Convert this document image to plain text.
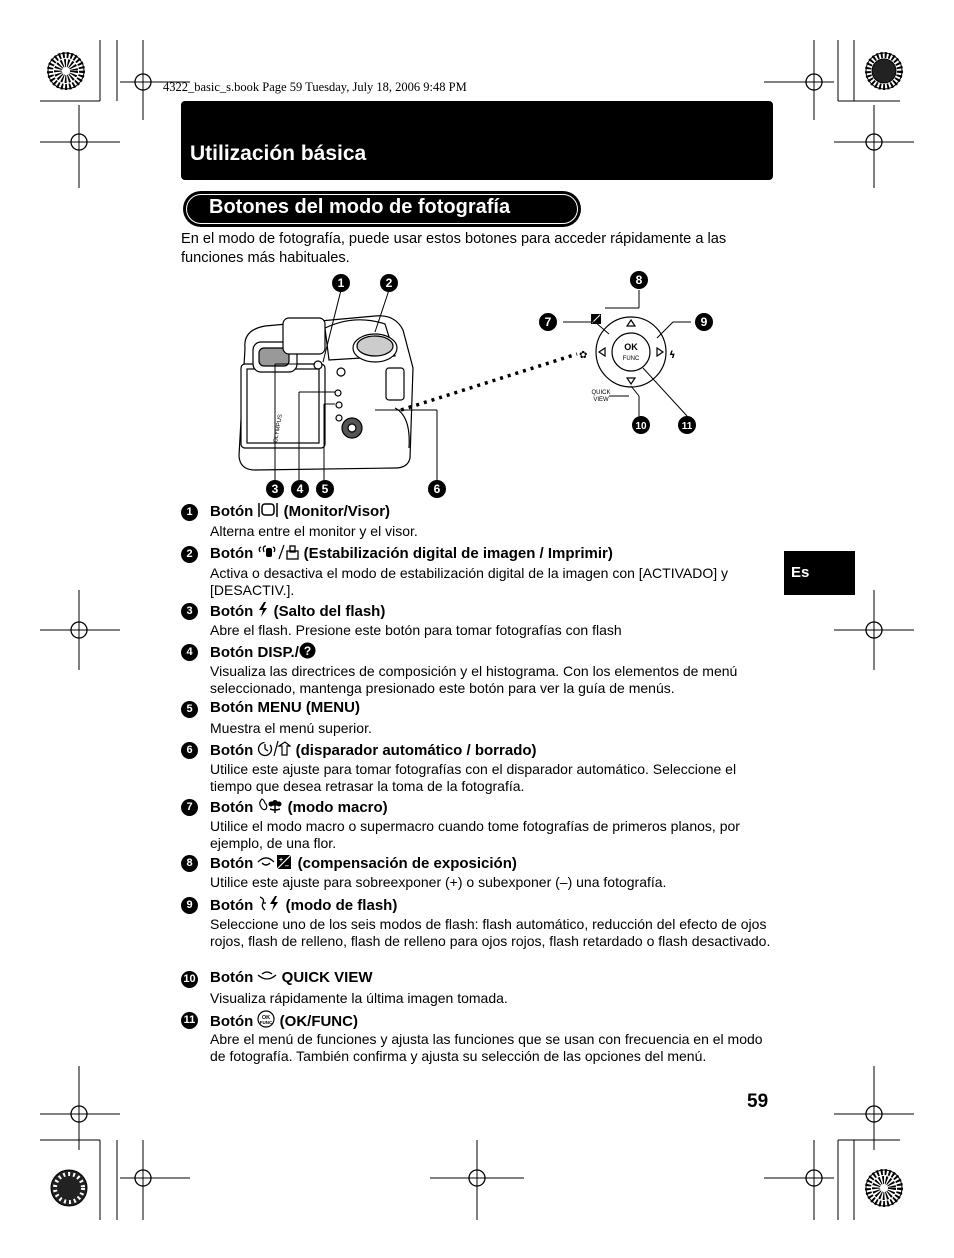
4322_basic_s.book Page 59 Tuesday, July 18, 2006 9:48 PM
Utilización básica
Botones del modo de fotografía
En el modo de fotografía, puede usar estos botones para acceder rápidamente a las funciones más habituales.
OLYMPUS
OK
FUNC
✿	ϟ
QUICK
VIEW
1	2
3 4 5	6
7
8
9
10	11
1	Botón  (Monitor/Visor)
Alterna entre el monitor y el visor.
2	Botón	(Estabilización digital de imagen / Imprimir)
Activa o desactiva el modo de estabilización digital de la imagen con [ACTIVADO] y [DESACTIV.].
3	Botón  (Salto del flash)
Abre el flash. Presione este botón para tomar fotografías con flash
4	Botón DISP./ ?
Visualiza las directrices de composición y el histograma. Con los elementos de menú seleccionado, mantenga presionado este botón para ver la guía de menús.
5	Botón MENU (MENU)
Muestra el menú superior.
6	Botón  (disparador automático / borrado)
Utilice este ajuste para tomar fotografías con el disparador automático. Seleccione el tiempo que desea retrasar la toma de la fotografía.
7	Botón  (modo macro)
Utilice el modo macro o supermacro cuando tome fotografías de primeros planos, por ejemplo, de una flor.
8	Botón	+
– (compensación de exposición)
Utilice este ajuste para sobreexponer (+) o subexponer (–) una fotografía.
9	Botón  (modo de flash)
Seleccione uno de los seis modos de flash: flash automático, reducción del efecto de ojos rojos, flash de relleno, flash de relleno para ojos rojos, flash retardado o flash desactivado.
10 Botón  QUICK VIEW
Visualiza rápidamente la última imagen tomada.
11 Botón OK
FUNC (OK/FUNC)
Abre el menú de funciones y ajusta las funciones que se usan con frecuencia en el modo de fotografía. También confirma y ajusta su selección de las opciones del menú.
Es
59
